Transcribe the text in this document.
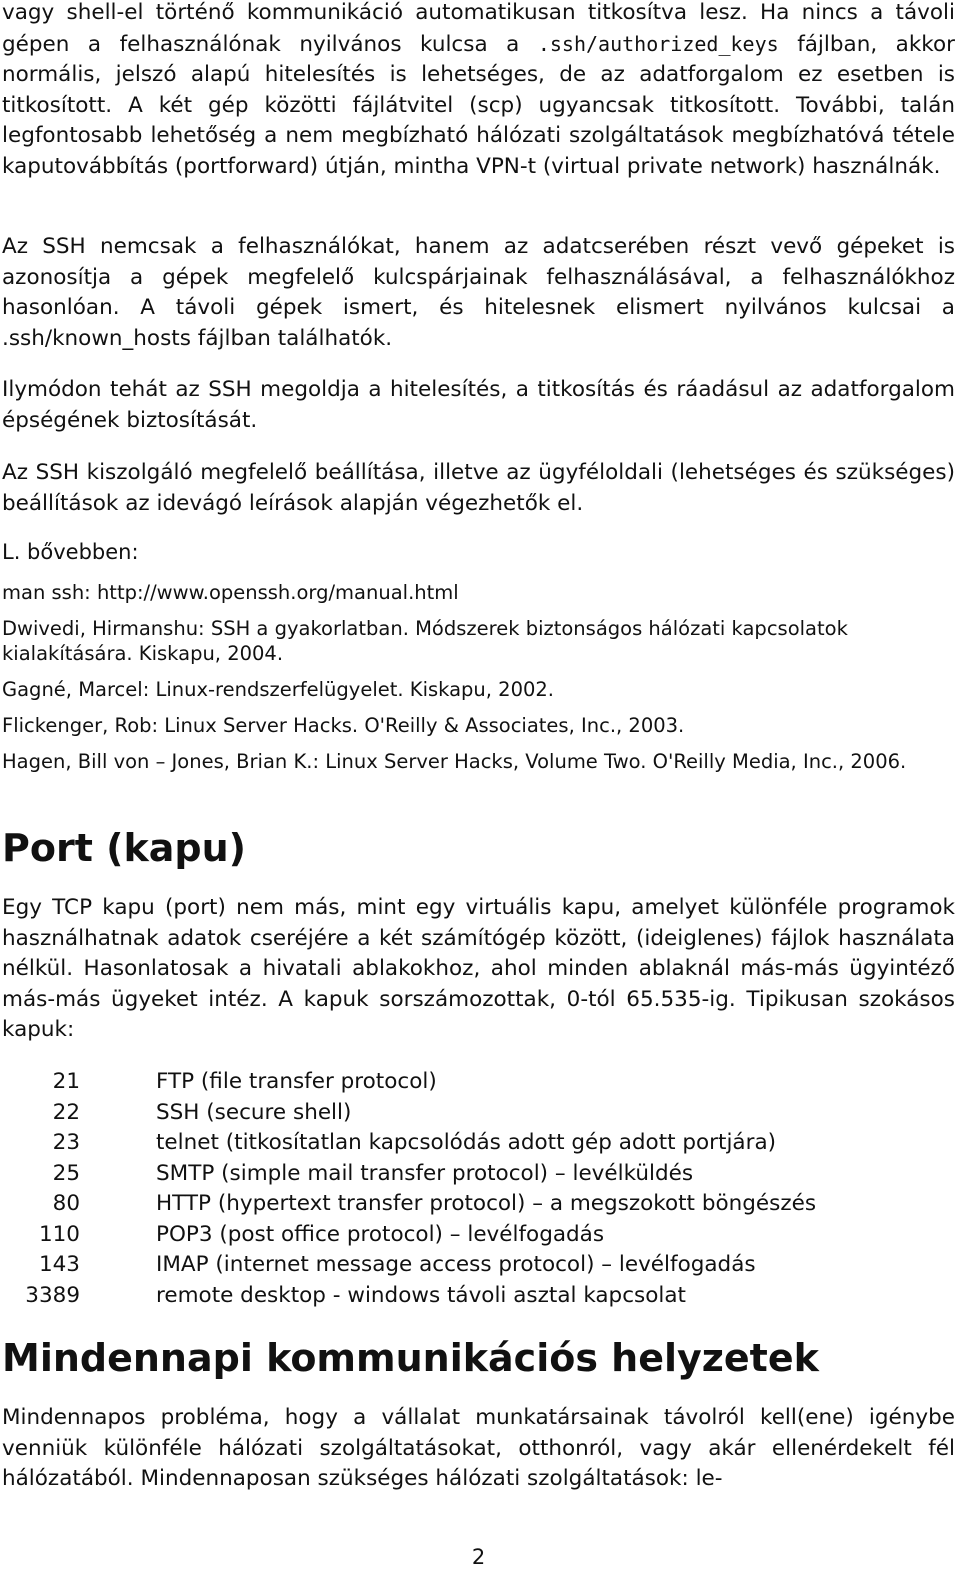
vagy shell-el történő kommunikáció automatikusan titkosítva lesz. Ha nincs a távoli gépen a felhasználónak nyilvános kulcsa a .ssh/authorized_keys fájlban, akkor normális, jelszó alapú hitelesítés is lehetséges, de az adatforgalom ez esetben is titkosított. A két gép közötti fájlátvitel (scp) ugyancsak titkosított. További, talán legfontosabb lehetőség a nem megbízható hálózati szolgáltatások megbízhatóvá tétele kaputovábbítás (portforward) útján, mintha VPN-t (virtual private network) használnák.

Az SSH nemcsak a felhasználókat, hanem az adatcserében részt vevő gépeket is azonosítja a gépek megfelelő kulcspárjainak felhasználásával, a felhasználókhoz hasonlóan. A távoli gépek ismert, és hitelesnek elismert nyilvános kulcsai a .ssh/known_hosts fájlban találhatók.

Ilymódon tehát az SSH megoldja a hitelesítés, a titkosítás és ráadásul az adatforgalom épségének biztosítását.

Az SSH kiszolgáló megfelelő beállítása, illetve az ügyféloldali (lehetséges és szükséges) beállítások az idevágó leírások alapján végezhetők el.

L. bővebben:

man ssh: http://www.openssh.org/manual.html

Dwivedi, Hirmanshu: SSH a gyakorlatban. Módszerek biztonságos hálózati kapcsolatok kialakítására. Kiskapu, 2004.

Gagné, Marcel: Linux-rendszerfelügyelet. Kiskapu, 2002.

Flickenger, Rob: Linux Server Hacks. O'Reilly & Associates, Inc., 2003.

Hagen, Bill von – Jones, Brian K.: Linux Server Hacks, Volume Two. O'Reilly Media, Inc., 2006.

Port (kapu)

Egy TCP kapu (port) nem más, mint egy virtuális kapu, amelyet különféle programok használhatnak adatok cseréjére a két számítógép között, (ideiglenes) fájlok használata nélkül. Hasonlatosak a hivatali ablakokhoz, ahol minden ablaknál más-más ügyintéző más-más ügyeket intéz. A kapuk sorszámozottak, 0-tól 65.535-ig. Tipikusan szokásos kapuk:

21	FTP (file transfer protocol)
22	SSH (secure shell)
23	telnet (titkosítatlan kapcsolódás adott gép adott portjára)
25	SMTP (simple mail transfer protocol) – levélküldés
80	HTTP (hypertext transfer protocol) – a megszokott böngészés
110	POP3 (post office protocol) – levélfogadás
143	IMAP (internet message access protocol) – levélfogadás
3389	remote desktop - windows távoli asztal kapcsolat
Mindennapi kommunikációs helyzetek

Mindennapos probléma, hogy a vállalat munkatársainak távolról kell(ene) igénybe venniük különféle hálózati szolgáltatásokat, otthonról, vagy akár ellenérdekelt fél hálózatából. Mindennaposan szükséges hálózati szolgáltatások: le-

2
